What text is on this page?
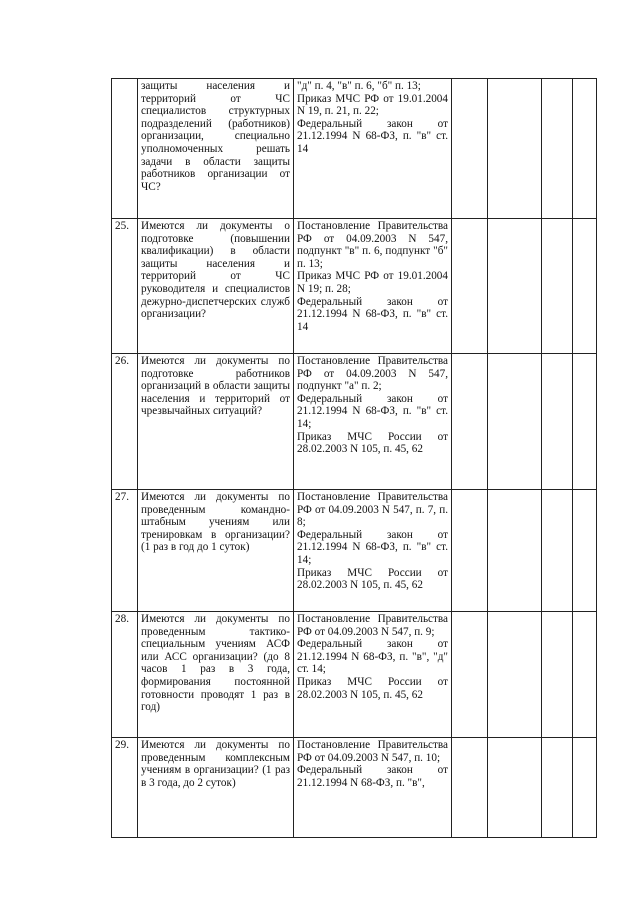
	защиты населения и территорий от ЧС специалистов структурных подразделений (работников) организации, специально уполномоченных решать задачи в области защиты работников организации от ЧС?	"д" п. 4, "в" п. 6, "б" п. 13;
Приказ МЧС РФ от 19.01.2004 N 19, п. 21, п. 22;
Федеральный закон от 21.12.1994 N 68-ФЗ, п. "в" ст. 14				

25.	Имеются ли документы о подготовке (повышении квалификации) в области защиты населения и территорий от ЧС руководителя и специалистов дежурно-диспетчерских служб организации?	Постановление Правительства РФ от 04.09.2003 N 547, подпункт "в" п. 6, подпункт "б" п. 13;
Приказ МЧС РФ от 19.01.2004 N 19; п. 28;
Федеральный закон от 21.12.1994 N 68-ФЗ, п. "в" ст. 14				

26.	Имеются ли документы по подготовке работников организаций в области защиты населения и территорий от чрезвычайных ситуаций?	Постановление Правительства РФ от 04.09.2003 N 547, подпункт "а" п. 2;
Федеральный закон от 21.12.1994 N 68-ФЗ, п. "в" ст. 14;
Приказ МЧС России от 28.02.2003 N 105, п. 45, 62				

27.	Имеются ли документы по проведенным командно-штабным учениям или тренировкам в организации? (1 раз в год до 1 суток)	Постановление Правительства РФ от 04.09.2003 N 547, п. 7, п. 8;
Федеральный закон от 21.12.1994 N 68-ФЗ, п. "в" ст. 14;
Приказ МЧС России от 28.02.2003 N 105, п. 45, 62				

28.	Имеются ли документы по проведенным тактико-специальным учениям АСФ или АСС организации? (до 8 часов 1 раз в 3 года, формирования постоянной готовности проводят 1 раз в год)	Постановление Правительства РФ от 04.09.2003 N 547, п. 9;
Федеральный закон от 21.12.1994 N 68-ФЗ, п. "в", "д" ст. 14;
Приказ МЧС России от 28.02.2003 N 105, п. 45, 62				

29.	Имеются ли документы по проведенным комплексным учениям в организации? (1 раз в 3 года, до 2 суток)	Постановление Правительства РФ от 04.09.2003 N 547, п. 10;
Федеральный закон от 21.12.1994 N 68-ФЗ, п. "в",				
